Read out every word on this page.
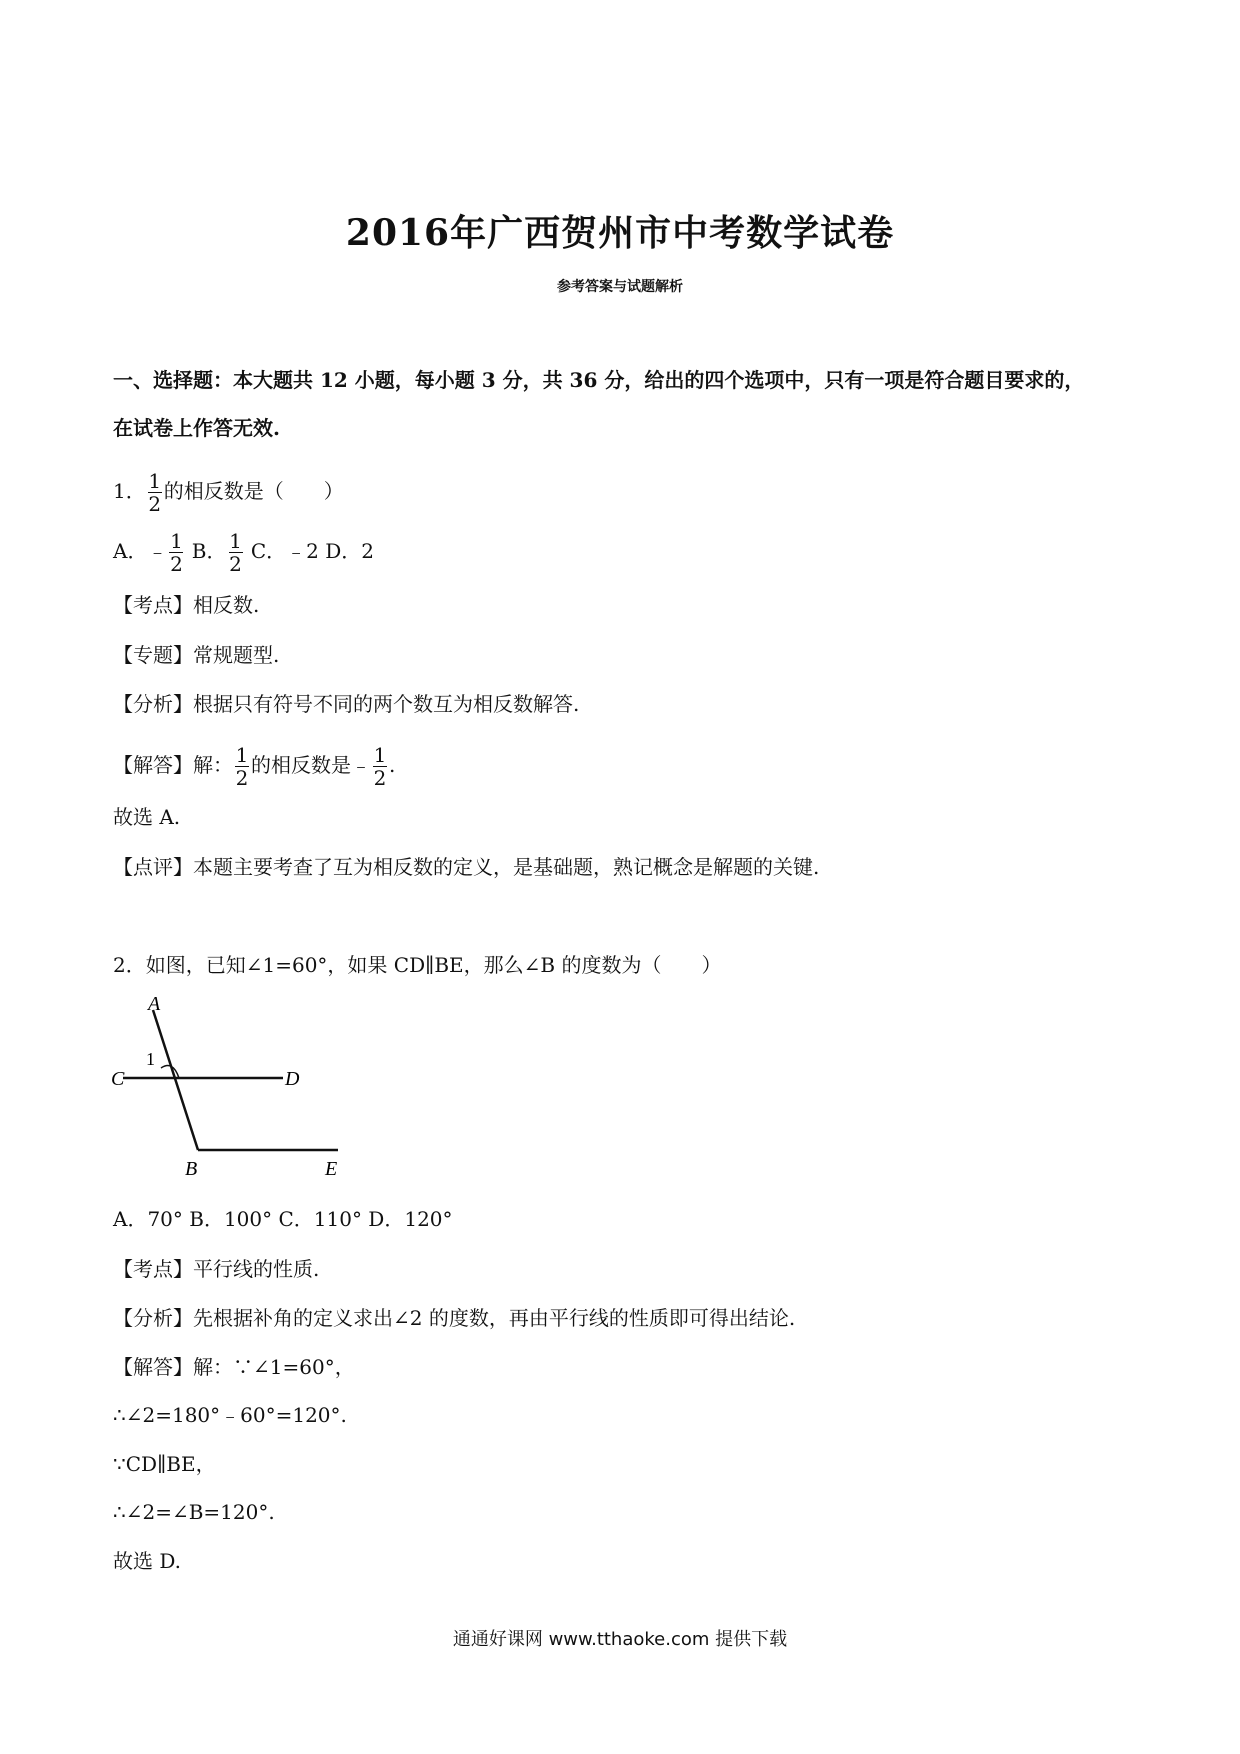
2016年广西贺州市中考数学试卷
参考答案与试题解析
一、选择题：本大题共 12 小题，每小题 3 分，共 36 分，给出的四个选项中，只有一项是符合题目要求的，
在试卷上作答无效.
1． $\frac{1}{2}$ 的相反数是（　　）
A．﹣ $\frac{1}{2}$ B． $\frac{1}{2}$ C．﹣2 D．2
【考点】相反数.
【专题】常规题型.
【分析】根据只有符号不同的两个数互为相反数解答.
【解答】解： $\frac{1}{2}$ 的相反数是﹣ $\frac{1}{2}$ .
故选 A.
【点评】本题主要考查了互为相反数的定义，是基础题，熟记概念是解题的关键.
2．如图，已知∠1=60°，如果 CD∥BE，那么∠B 的度数为（　　）
A
1
C	D
B	E
A．70° B．100° C．110° D．120°
【考点】平行线的性质.
【分析】先根据补角的定义求出∠2 的度数，再由平行线的性质即可得出结论.
【解答】解：∵∠1=60°，
∴∠2=180°﹣60°=120°.
∵CD∥BE，
∴∠2=∠B=120°.
故选 D.
通通好课网 www.tthaoke.com 提供下载
